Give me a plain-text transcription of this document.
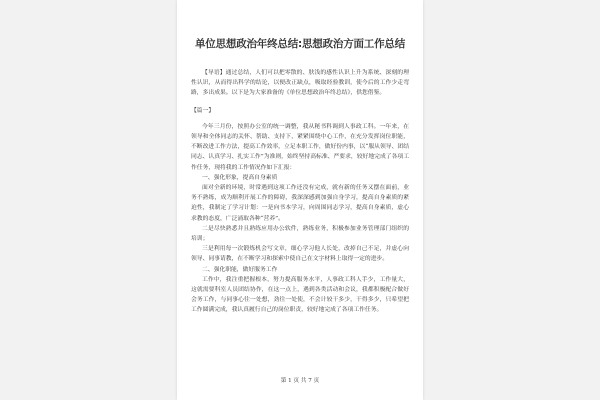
单位思想政治年终总结:思想政治方面工作总结

【导语】通过总结，人们可以把零散的、肤浅的感性认识上升为系统、深刻的理性认识，从而得出科学的结论，以便改正缺点，吸取经验教训，使今后的工作少走弯路，多出成果。以下是为大家准备的《单位思想政治年终总结》，供您借鉴。

【篇一】

今年三月份，按照办公室的统一调整，我从秘书科调到人事政工科。一年来，在领导和全体同志的关怀、帮助、支持下，紧紧围绕中心工作，在充分发挥岗位职能，不断改进工作方法，提高工作效率，立足本职工作，做好份内事，以“服从领导、团结同志、认真学习、扎实工作”为准则，始终坚持高标准、严要求，较好地完成了各项工作任务，现将我的工作情况作如下汇报：

一、强化形象，提高自身素质

面对全新的环境，时常遇到这项工作还没有完成，就有新的任务又摆在面前，业务不熟练，成为顺利开展工作的障碍，我深深感到加强自身学习，提高自身素质的紧迫性，我制定了学习计划：一是向书本学习，向周围同志学习，提高自身素质，虚心求教的态度，广泛涌取各种“营养”。

二是尽快熟悉并且熟练应用办公软件，熟练业务，积极参加业务管理部门组织的培训；

三是利用每一次锻炼机会写文章，细心学习他人长处，改掉自己不足，并虚心向领导、同事请教，在不断学习和探索中使自己在文字材料上取得一定的进步。

二、强化职能，做好服务工作

工作中，我注重把握根本，努力提高服务水平，人事政工科人手少，工作量大，这就需要科室人员团结协作，在这一点上，遇到各类活动和会议，我都积极配合做好会务工作，与同事心往一处想，劲往一处使，不会计较干多少，干得多少，只希望把工作圆满完成，我认真履行自己的岗位职责，较好地完成了各项工作任务。

第 1 页 共 7 页
